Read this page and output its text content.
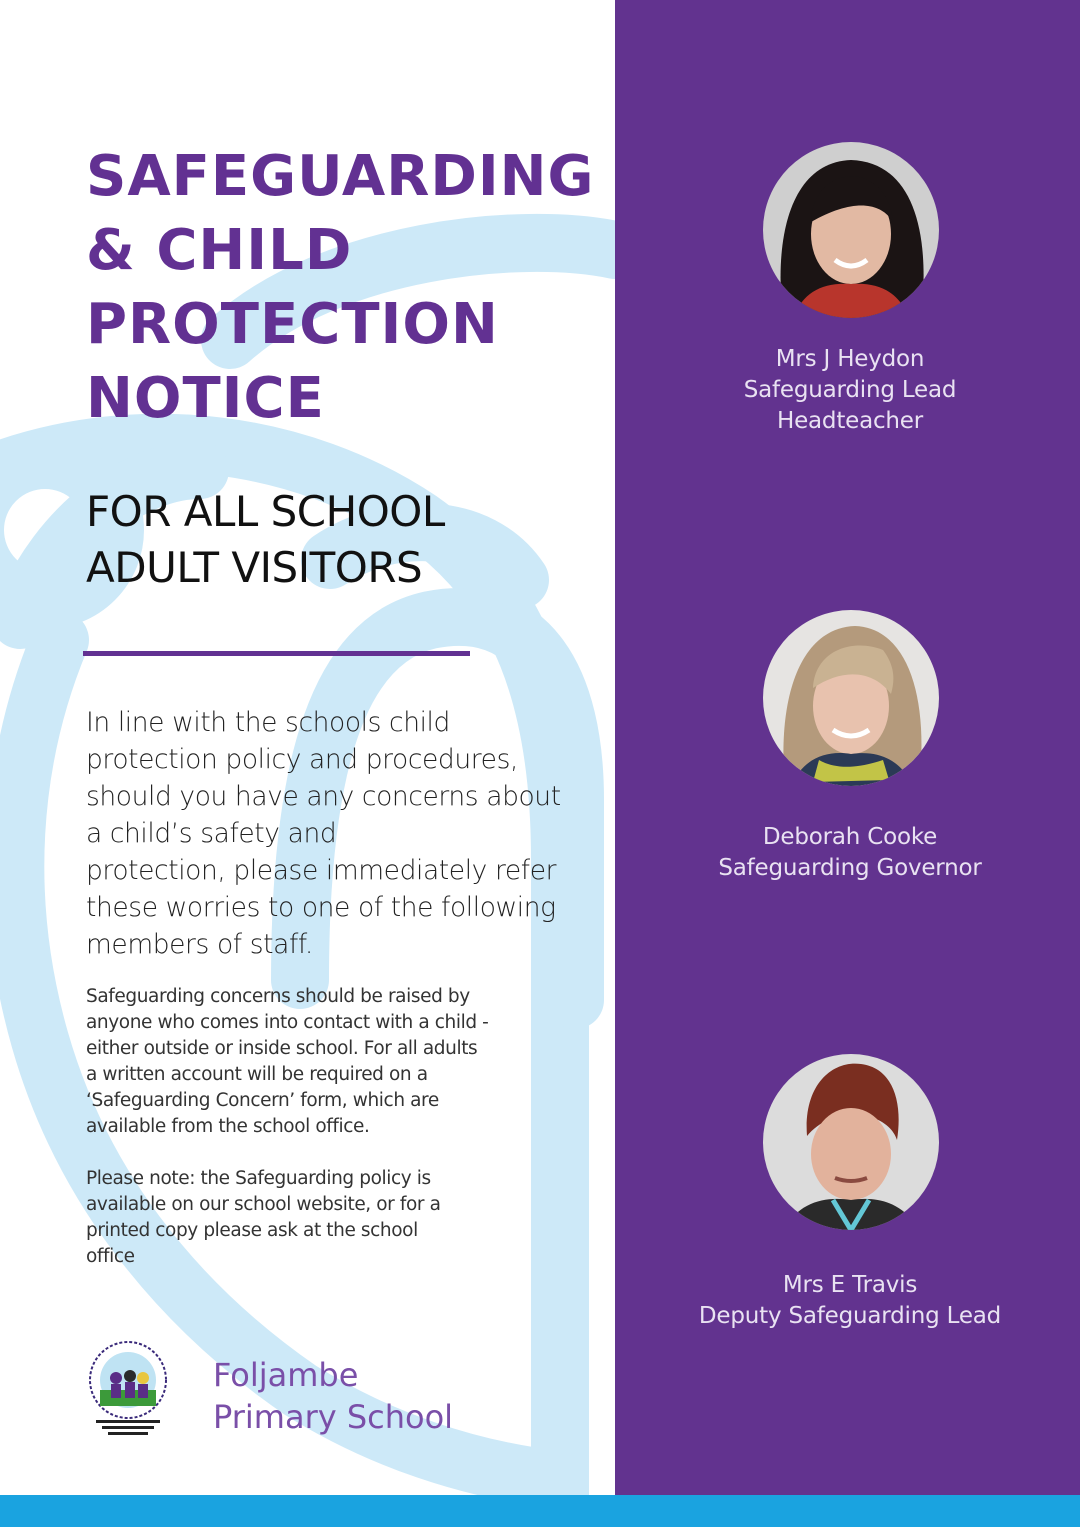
SAFEGUARDING
& CHILD
PROTECTION
NOTICE
FOR ALL SCHOOL
ADULT VISITORS
In line with the schools child
protection policy and procedures,
should you have any concerns about
a child’s safety and
protection, please immediately refer
these worries to one of the following
members of staff.
Safeguarding concerns should be raised by
anyone who comes into contact with a child -
either outside or inside school. For all adults
a written account will be required on a
‘Safeguarding Concern’ form, which are
available from the school office.
Please note: the Safeguarding policy is
available on our school website, or for a
printed copy please ask at the school
office
Foljambe
Primary School
Mrs J Heydon
Safeguarding Lead
Headteacher
Deborah Cooke
Safeguarding Governor
Mrs E Travis
Deputy Safeguarding Lead
